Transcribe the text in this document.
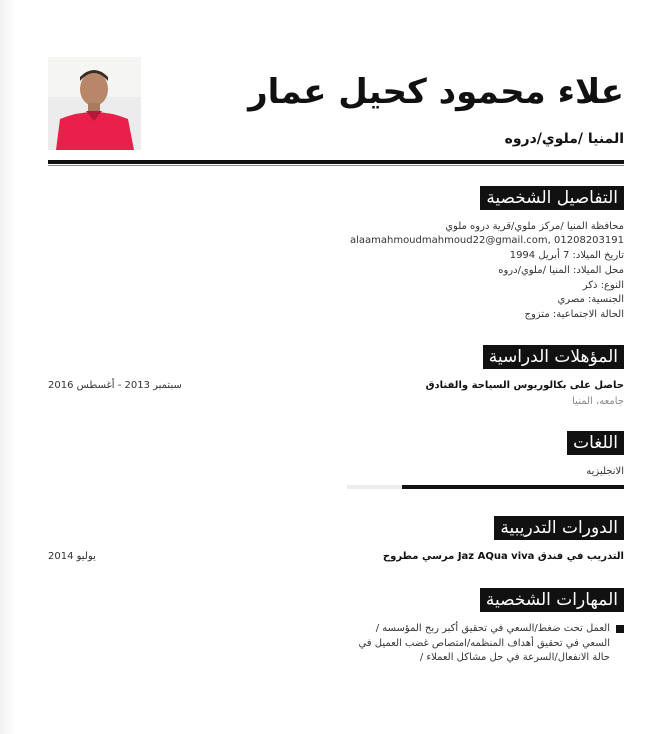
علاء محمود كحيل عمار
المنيا /ملوي/دروه
التفاصيل الشخصية
محافظة المنيا /مركز ملوي/قرية دروه ملوي
alaamahmoudmahmoud22@gmail.com, 01208203191
تاريخ الميلاد: 7 أبريل 1994
محل الميلاد: المنيا /ملوي/دروه
النوع: ذكر
الجنسية: مصري
الحالة الاجتماعية: متزوج
المؤهلات الدراسية
حاصل على بكالوريوس السياحة والفنادق
جامعه، المنيا
سبتمبر 2013 - أغسطس 2016
اللغات
الانجليزيه
الدورات التدريبية
التدريب في فندق Jaz AQua viva مرسي مطروح
يوليو 2014
المهارات الشخصية
العمل تحت ضغط/السعي في تحقيق أكبر ربح المؤسسه /السعي في تحقيق أهداف المنظمه/امتصاص غضب العميل في حالة الانفعال/السرعة في حل مشاكل العملاء /
